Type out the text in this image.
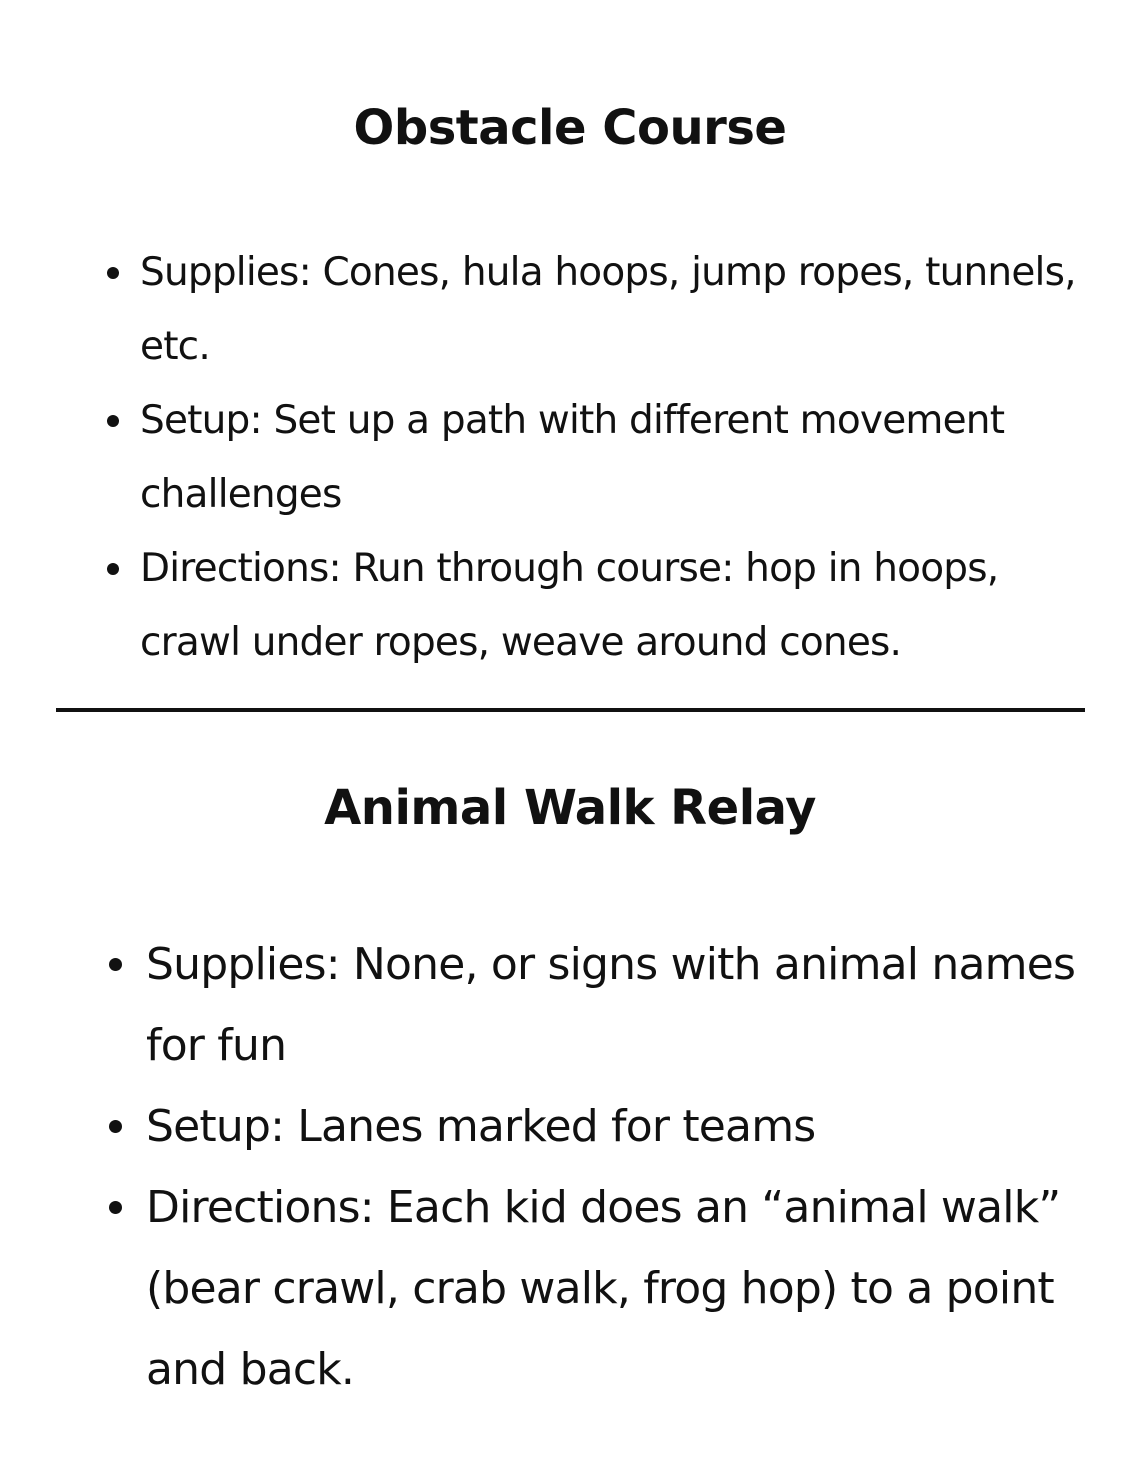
Obstacle Course
Supplies: Cones, hula hoops, jump ropes, tunnels, etc.
Setup: Set up a path with different movement challenges
Directions: Run through course: hop in hoops, crawl under ropes, weave around cones.
Animal Walk Relay
Supplies: None, or signs with animal names for fun
Setup: Lanes marked for teams
Directions: Each kid does an “animal walk” (bear crawl, crab walk, frog hop) to a point and back.
